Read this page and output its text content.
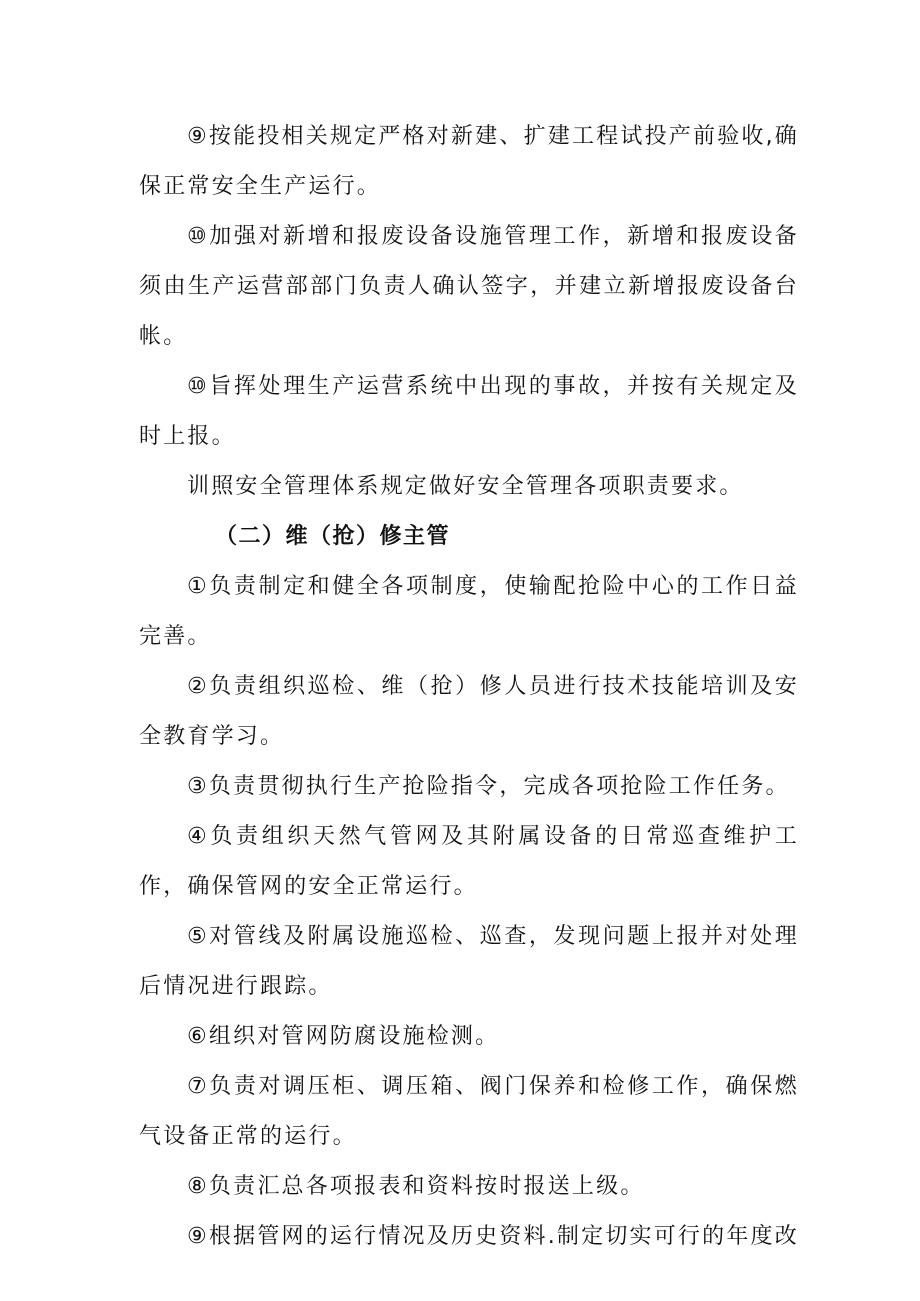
⑨按能投相关规定严格对新建、扩建工程试投产前验收,确保正常安全生产运行。

⑩加强对新增和报废设备设施管理工作，新增和报废设备须由生产运营部部门负责人确认签字，并建立新增报废设备台帐。

⑩旨挥处理生产运营系统中出现的事故，并按有关规定及时上报。

训照安全管理体系规定做好安全管理各项职责要求。

（二）维（抢）修主管

①负责制定和健全各项制度，使输配抢险中心的工作日益完善。

②负责组织巡检、维（抢）修人员进行技术技能培训及安全教育学习。

③负责贯彻执行生产抢险指令，完成各项抢险工作任务。

④负责组织天然气管网及其附属设备的日常巡查维护工作，确保管网的安全正常运行。

⑤对管线及附属设施巡检、巡查，发现问题上报并对处理后情况进行跟踪。

⑥组织对管网防腐设施检测。

⑦负责对调压柜、调压箱、阀门保养和检修工作，确保燃气设备正常的运行。

⑧负责汇总各项报表和资料按时报送上级。

⑨根据管网的运行情况及历史资料.制定切实可行的年度改
